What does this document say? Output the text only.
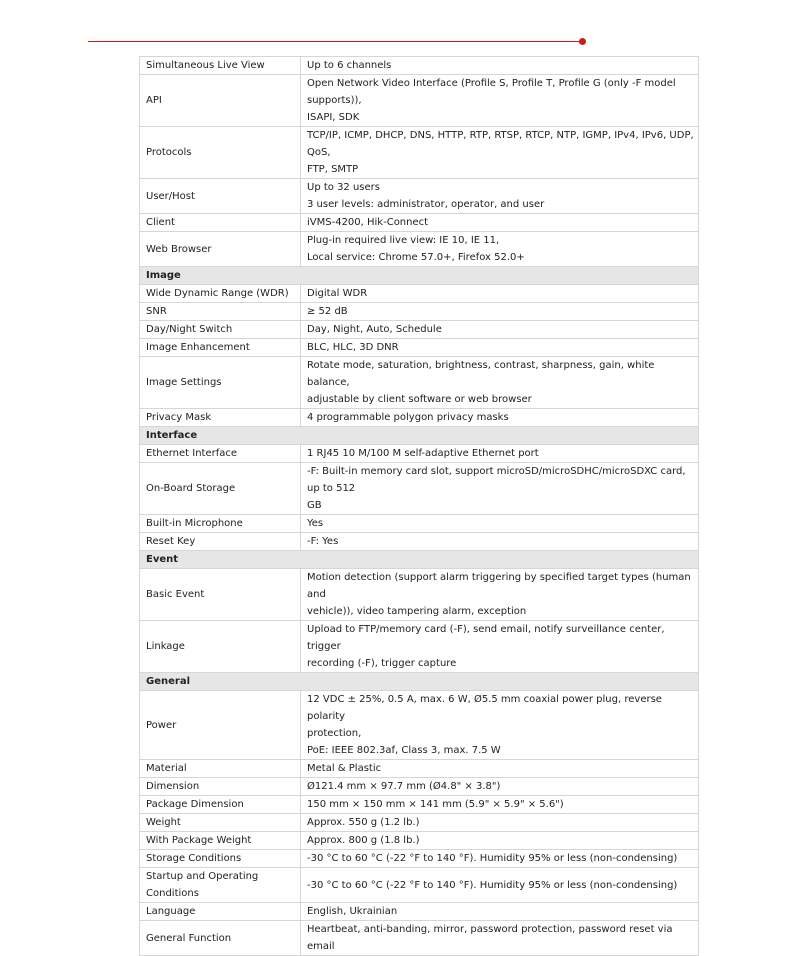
Simultaneous Live View	Up to 6 channels
API	Open Network Video Interface (Profile S, Profile T, Profile G (only -F model supports)),
ISAPI, SDK
Protocols	TCP/IP, ICMP, DHCP, DNS, HTTP, RTP, RTSP, RTCP, NTP, IGMP, IPv4, IPv6, UDP, QoS,
FTP, SMTP
User/Host	Up to 32 users
3 user levels: administrator, operator, and user
Client	iVMS-4200, Hik-Connect
Web Browser	Plug-in required live view: IE 10, IE 11,
Local service: Chrome 57.0+, Firefox 52.0+
Image	
Wide Dynamic Range (WDR)	Digital WDR
SNR	≥ 52 dB
Day/Night Switch	Day, Night, Auto, Schedule
Image Enhancement	BLC, HLC, 3D DNR
Image Settings	Rotate mode, saturation, brightness, contrast, sharpness, gain, white balance,
adjustable by client software or web browser
Privacy Mask	4 programmable polygon privacy masks
Interface	
Ethernet Interface	1 RJ45 10 M/100 M self-adaptive Ethernet port
On-Board Storage	-F: Built-in memory card slot, support microSD/microSDHC/microSDXC card, up to 512
GB
Built-in Microphone	Yes
Reset Key	-F: Yes
Event	
Basic Event	Motion detection (support alarm triggering by specified target types (human and
vehicle)), video tampering alarm, exception
Linkage	Upload to FTP/memory card (-F), send email, notify surveillance center, trigger
recording (-F), trigger capture
General	
Power	12 VDC ± 25%, 0.5 A, max. 6 W, Ø5.5 mm coaxial power plug, reverse polarity
protection,
PoE: IEEE 802.3af, Class 3, max. 7.5 W
Material	Metal & Plastic
Dimension	Ø121.4 mm × 97.7 mm (Ø4.8" × 3.8")
Package Dimension	150 mm × 150 mm × 141 mm (5.9" × 5.9" × 5.6")
Weight	Approx. 550 g (1.2 lb.)
With Package Weight	Approx. 800 g (1.8 lb.)
Storage Conditions	-30 °C to 60 °C (-22 °F to 140 °F). Humidity 95% or less (non-condensing)
Startup and Operating
Conditions	-30 °C to 60 °C (-22 °F to 140 °F). Humidity 95% or less (non-condensing)
Language	English, Ukrainian
General Function	Heartbeat, anti-banding, mirror, password protection, password reset via email
